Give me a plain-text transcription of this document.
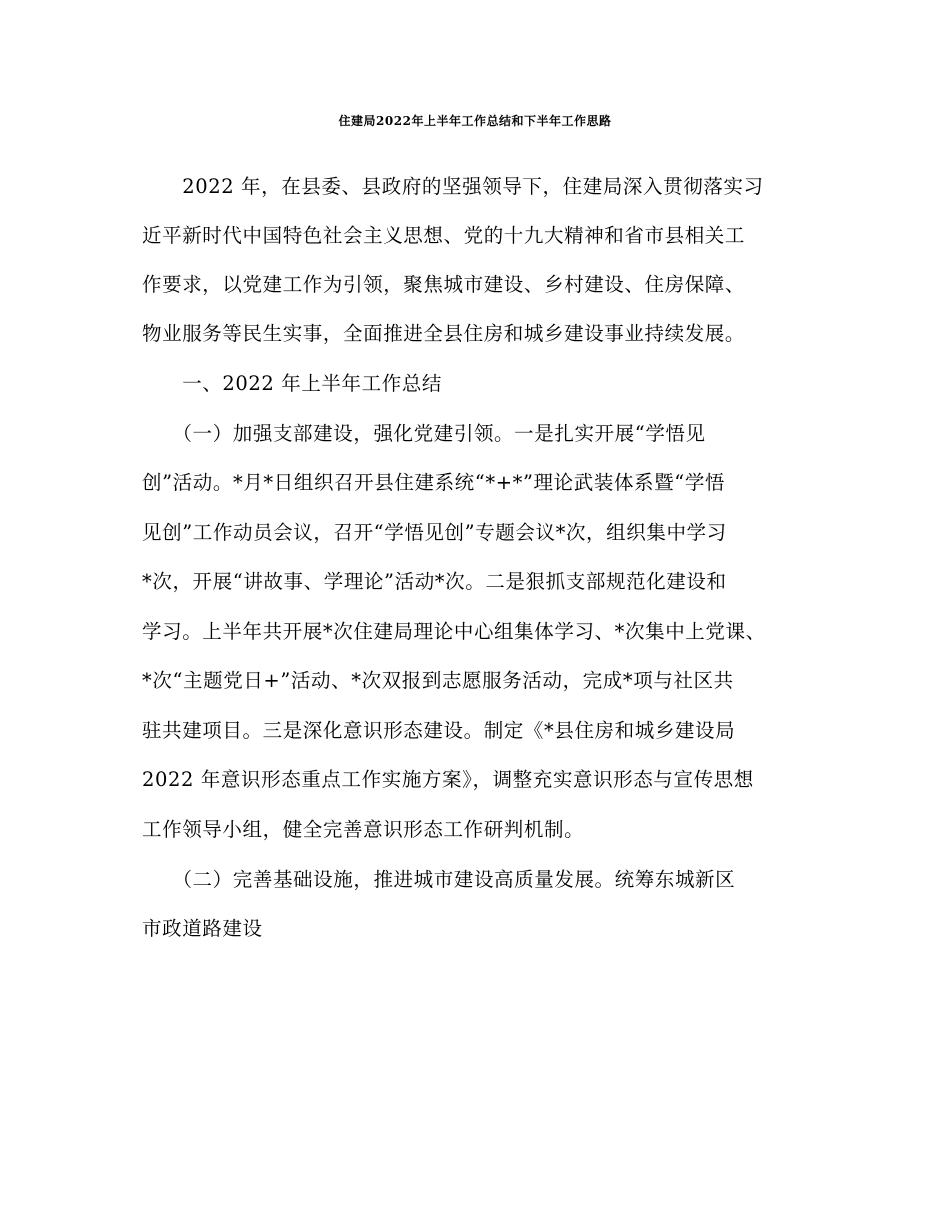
住建局2022年上半年工作总结和下半年工作思路
　　2022 年，在县委、县政府的坚强领导下，住建局深入贯彻落实习
近平新时代中国特色社会主义思想、党的十九大精神和省市县相关工
作要求，以党建工作为引领，聚焦城市建设、乡村建设、住房保障、
物业服务等民生实事，全面推进全县住房和城乡建设事业持续发展。
　　一、2022 年上半年工作总结
　　（一）加强支部建设，强化党建引领。一是扎实开展“学悟见
创”活动。*月*日组织召开县住建系统“*+*”理论武装体系暨“学悟
见创”工作动员会议，召开“学悟见创”专题会议*次，组织集中学习
*次，开展“讲故事、学理论”活动*次。二是狠抓支部规范化建设和
学习。上半年共开展*次住建局理论中心组集体学习、*次集中上党课、
*次“主题党日+”活动、*次双报到志愿服务活动，完成*项与社区共
驻共建项目。三是深化意识形态建设。制定《*县住房和城乡建设局
2022 年意识形态重点工作实施方案》，调整充实意识形态与宣传思想
工作领导小组，健全完善意识形态工作研判机制。
　　（二）完善基础设施，推进城市建设高质量发展。统筹东城新区
市政道路建设
